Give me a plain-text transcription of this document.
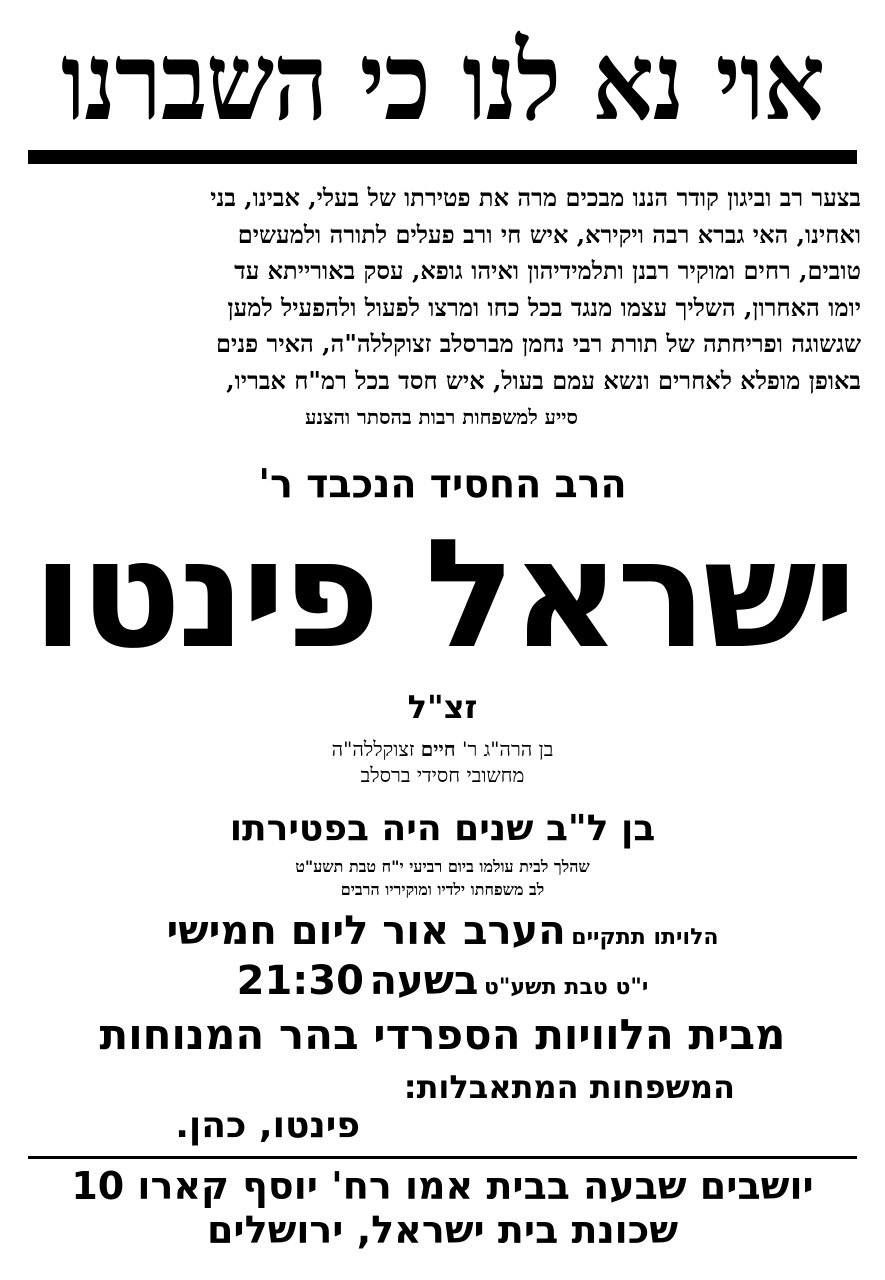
אוי נא לנו כי השברנו
בצער רב וביגון קודר הננו מבכים מרה את פטירתו של בעלי, אבינו, בני
ואחינו, האי גברא רבה ויקירא, איש חי ורב פעלים לתורה ולמעשים
טובים, רחים ומוקיר רבנן ותלמידיהון ואיהו גופא, עסק באורייתא עד
יומו האחרון, השליך עצמו מנגד בכל כחו ומרצו לפעול ולהפעיל למען
שגשוגה ופריחתה של תורת רבי נחמן מברסלב זצוקללה"ה, האיר פנים
באופן מופלא לאחרים ונשא עמם בעול, איש חסד בכל רמ"ח אבריו,
סייע למשפחות רבות בהסתר והצנע
הרב החסיד הנכבד ר'
ישראל פינטו
זצ"ל
בן הרה"ג ר' חיים זצוקללה"ה
מחשובי חסידי ברסלב
בן ל"ב שנים היה בפטירתו
שהלך לבית עולמו ביום רביעי י"ח טבת תשע"ט
לב משפחתו ילדיו ומוקיריו הרבים
הלויתו תתקיים הערב אור ליום חמישי
י"ט טבת תשע"ט בשעה 21:30
מבית הלוויות הספרדי בהר המנוחות
המשפחות המתאבלות:
פינטו, כהן.
יושבים שבעה בבית אמו רח' יוסף קארו 10
שכונת בית ישראל, ירושלים
